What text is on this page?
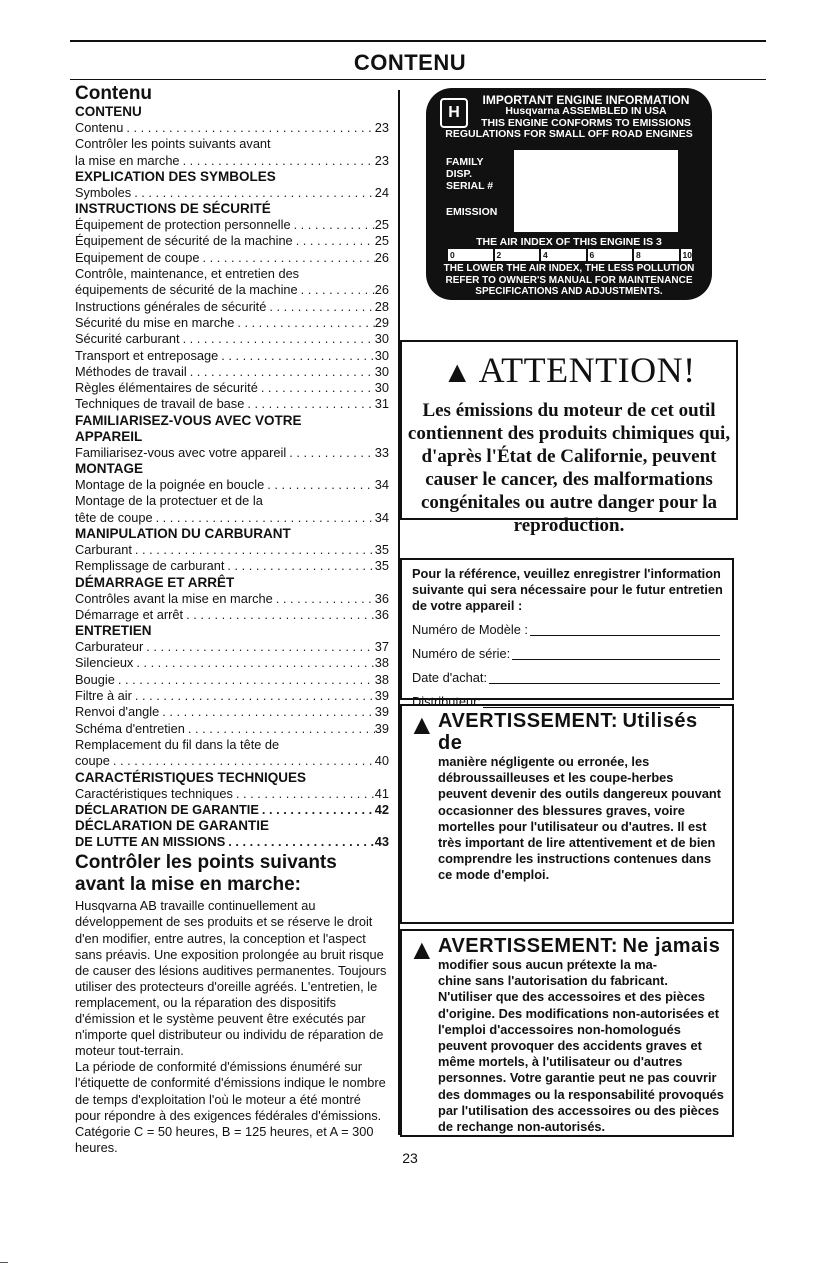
CONTENU
Contenu
CONTENU
Contenu . . .	23
Contrôler les points suivants avant
la mise en marche . . .	23
EXPLICATION DES SYMBOLES
Symboles . . .	24
INSTRUCTIONS DE SÉCURITÉ
Équipement de protection personnelle . . .	25
Équipement de sécurité de la machine . . .	25
Equipement de coupe . . .	26
Contrôle, maintenance, et entretien des
équipements de sécurité de la machine . . .	26
Instructions générales de sécurité . . .	28
Sécurité du mise en marche . . .	29
Sécurité carburant . . .	30
Transport et entreposage . . .	30
Méthodes de travail . . .	30
Règles élémentaires de sécurité . . .	30
Techniques de travail de base . . .	31
FAMILIARISEZ-VOUS AVEC VOTRE
APPAREIL
Familiarisez-vous avec votre appareil . . .	33
MONTAGE
Montage de la poignée en boucle . . .	34
Montage de la protectuer et de la
tête de coupe . . .	34
MANIPULATION DU CARBURANT
Carburant . . .	35
Remplissage de carburant . . .	35
DÉMARRAGE ET ARRÊT
Contrôles avant la mise en marche . . .	36
Démarrage et arrêt . . .	36
ENTRETIEN
Carburateur . . .	37
Silencieux . . .	38
Bougie . . .	38
Filtre à air . . .	39
Renvoi d'angle . . .	39
Schéma d'entretien . . .	39
Remplacement du fil dans la tête de
coupe . . .	40
CARACTÉRISTIQUES TECHNIQUES
Caractéristiques techniques . . .	41
DÉCLARATION DE GARANTIE . . .	42
DÉCLARATION DE GARANTIE
DE LUTTE AN MISSIONS . . .	43
Contrôler les points suivants avant la mise en marche:
Husqvarna AB travaille continuellement au développement de ses produits et se réserve le droit d'en modifier, entre autres, la conception et l'aspect sans préavis. Une exposition prolongée au bruit risque de causer des lésions auditives permanentes. Toujours utiliser des protecteurs d'oreille agréés. L'entretien, le remplacement, ou la réparation des dispositifs d'émission et le système peuvent être exécutés par n'importe quel distributeur ou individu de réparation de moteur tout-terrain.
La période de conformité d'émissions énuméré sur l'étiquette de conformité d'émissions indique le nombre de temps d'exploitation l'où le moteur a été montré pour répondre à des exigences fédérales d'émissions. Catégorie C = 50 heures, B = 125 heures, et A = 300 heures.
H
IMPORTANT ENGINE INFORMATION
Husqvarna ASSEMBLED IN USA
THIS ENGINE CONFORMS TO EMISSIONS
REGULATIONS FOR SMALL OFF ROAD ENGINES
FAMILY
DISP.
SERIAL #
EMISSION
THE AIR INDEX OF THIS ENGINE IS 3
0	2	4	6	8	10
THE LOWER THE AIR INDEX, THE LESS POLLUTION
REFER TO OWNER'S MANUAL FOR MAINTENANCE
SPECIFICATIONS AND ADJUSTMENTS.
▲ ATTENTION!
Les émissions du moteur de cet outil contiennent des produits chimiques qui, d'après l'État de Californie, peuvent causer le cancer, des malformations congénitales ou autre danger pour la reproduction.
Pour la référence, veuillez enregistrer l'information suivante qui sera nécessaire pour le futur entretien de votre appareil :
Numéro de Modèle :
Numéro de série:
Date d'achat:
Distributeur:
▲ AVERTISSEMENT: Utilisés de
manière négligente ou erronée, les
débroussailleuses et les coupe-herbes peuvent devenir des outils dangereux pouvant occasionner des blessures graves, voire mortelles pour l'utilisateur ou d'autres. Il est très important de lire attentivement et de bien comprendre les instructions contenues dans ce mode d'emploi.
▲ AVERTISSEMENT: Ne jamais
modifier sous aucun prétexte la ma-
chine sans l'autorisation du fabricant. N'utiliser que des accessoires et des pièces d'origine. Des modifications non-autorisées et l'emploi d'accessoires non-homologués peuvent provoquer des accidents graves et même mortels, à l'utilisateur ou d'autres personnes. Votre garantie peut ne pas couvrir des dommages ou la responsabilité provoqués par l'utilisation des accessoires ou des pièces de rechange non-autorisés.
23
